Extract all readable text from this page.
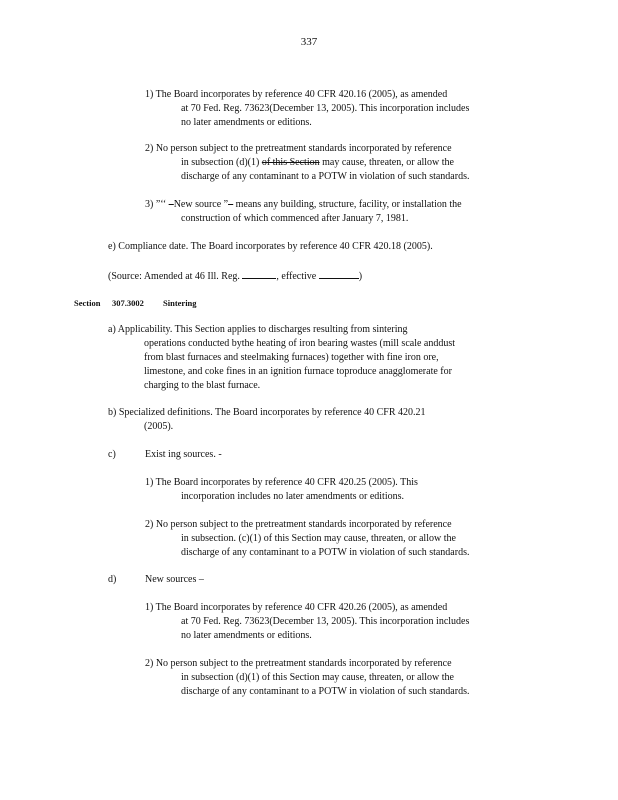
337
1) The Board incorporates by reference 40 CFR 420.16 (2005), as amended
at 70 Fed. Reg. 73623(December 13, 2005). This incorporation includes
no later amendments or editions.
2) No person subject to the pretreatment standards incorporated by reference
in subsection (d)(1) of this Section may cause, threaten, or allow the
discharge of any contaminant to a POTW in violation of such standards.
3) ”‘‘ –New source ”– means any building, structure, facility, or installation the
construction of which commenced after January 7, 1981.
e) Compliance date. The Board incorporates by reference 40 CFR 420.18 (2005).
(Source: Amended at 46 Ill. Reg.	, effective	)
Section 307.3002 Sintering
a) Applicability. This Section applies to discharges resulting from sintering
operations conducted bythe heating of iron bearing wastes (mill scale anddust
from blast furnaces and steelmaking furnaces) together with fine iron ore,
limestone, and coke fines in an ignition furnace toproduce anagglomerate for
charging to the blast furnace.
b) Specialized definitions. The Board incorporates by reference 40 CFR 420.21
(2005).
c)	Exist ing sources. -
1) The Board incorporates by reference 40 CFR 420.25 (2005). This
incorporation includes no later amendments or editions.
2) No person subject to the pretreatment standards incorporated by reference
in subsection. (c)(1) of this Section may cause, threaten, or allow the
discharge of any contaminant to a POTW in violation of such standards.
d)	New sources –
1) The Board incorporates by reference 40 CFR 420.26 (2005), as amended
at 70 Fed. Reg. 73623(December 13, 2005). This incorporation includes
no later amendments or editions.
2) No person subject to the pretreatment standards incorporated by reference
in subsection (d)(1) of this Section may cause, threaten, or allow the
discharge of any contaminant to a POTW in violation of such standards.
